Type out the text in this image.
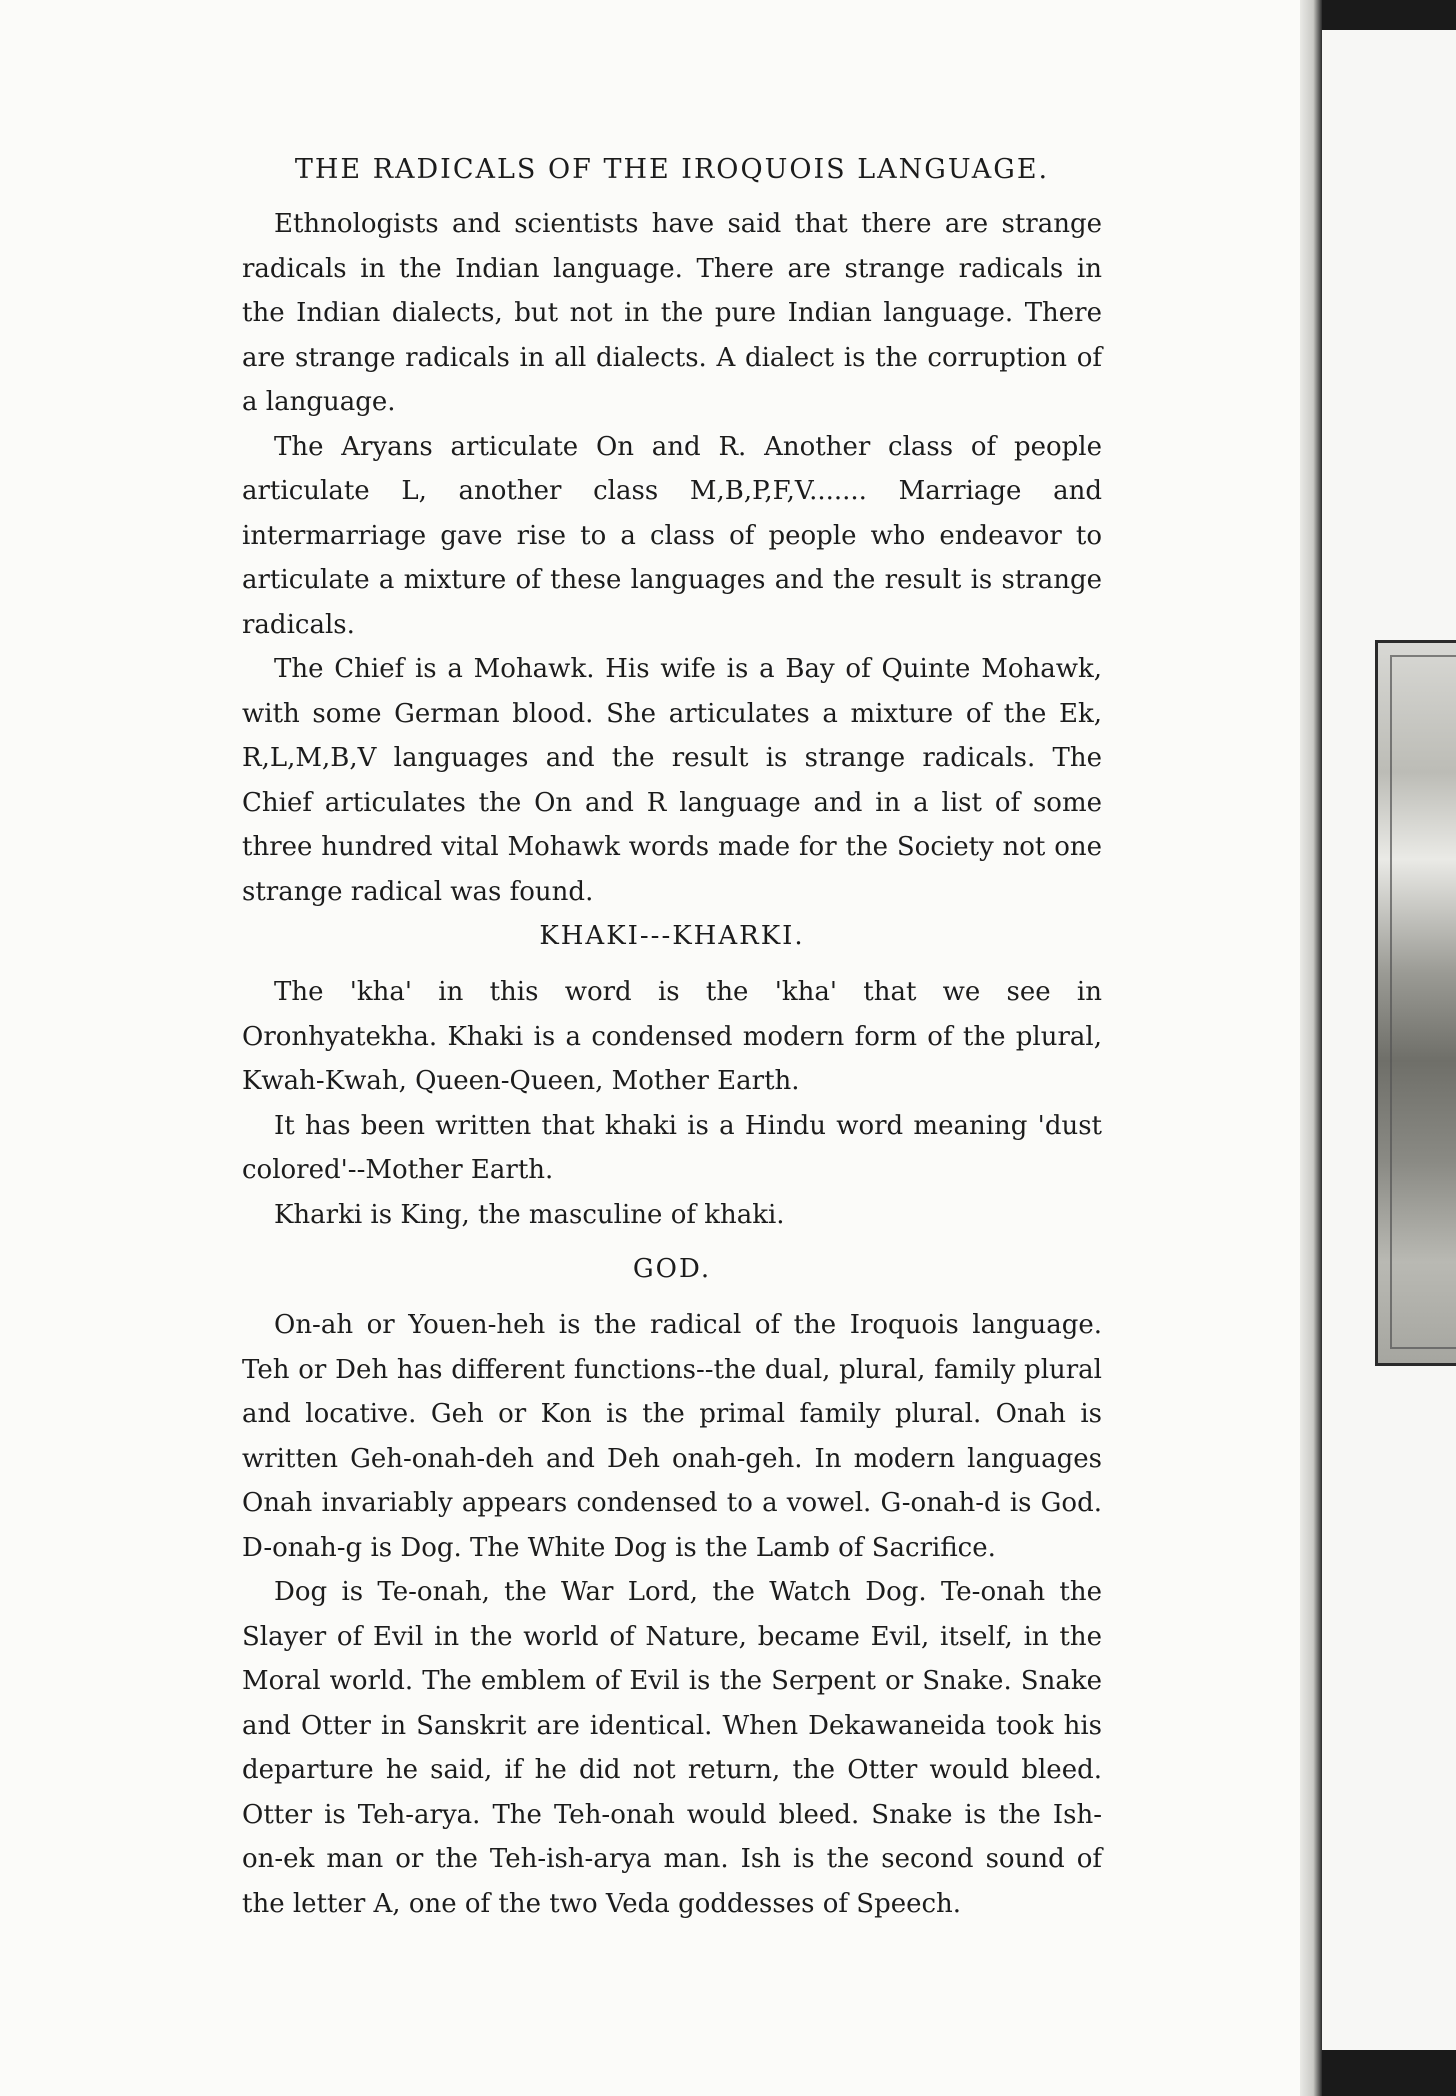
THE RADICALS OF THE IROQUOIS LANGUAGE.

Ethnologists and scientists have said that there are strange radicals in the Indian language. There are strange radicals in the Indian dialects, but not in the pure Indian language. There are strange radicals in all dialects. A dialect is the corruption of a language.

The Aryans articulate On and R. Another class of people articulate L, another class M,B,P,F,V....... Marriage and intermarriage gave rise to a class of people who endeavor to articulate a mixture of these languages and the result is strange radicals.

The Chief is a Mohawk. His wife is a Bay of Quinte Mohawk, with some German blood. She articulates a mixture of the Ek, R,L,M,B,V languages and the result is strange radicals. The Chief articulates the On and R language and in a list of some three hundred vital Mohawk words made for the Society not one strange radical was found.

KHAKI---KHARKI.

The 'kha' in this word is the 'kha' that we see in Oronhyatekha. Khaki is a condensed modern form of the plural, Kwah-Kwah, Queen-Queen, Mother Earth.

It has been written that khaki is a Hindu word meaning 'dust colored'--Mother Earth.

Kharki is King, the masculine of khaki.

GOD.

On-ah or Youen-heh is the radical of the Iroquois language. Teh or Deh has different functions--the dual, plural, family plural and locative. Geh or Kon is the primal family plural. Onah is written Geh-onah-deh and Deh onah-geh. In modern languages Onah invariably appears condensed to a vowel. G-onah-d is God. D-onah-g is Dog. The White Dog is the Lamb of Sacrifice.

Dog is Te-onah, the War Lord, the Watch Dog. Te-onah the Slayer of Evil in the world of Nature, became Evil, itself, in the Moral world. The emblem of Evil is the Serpent or Snake. Snake and Otter in Sanskrit are identical. When Dekawaneida took his departure he said, if he did not return, the Otter would bleed. Otter is Teh-arya. The Teh-onah would bleed. Snake is the Ish-on-ek man or the Teh-ish-arya man. Ish is the second sound of the letter A, one of the two Veda goddesses of Speech.
